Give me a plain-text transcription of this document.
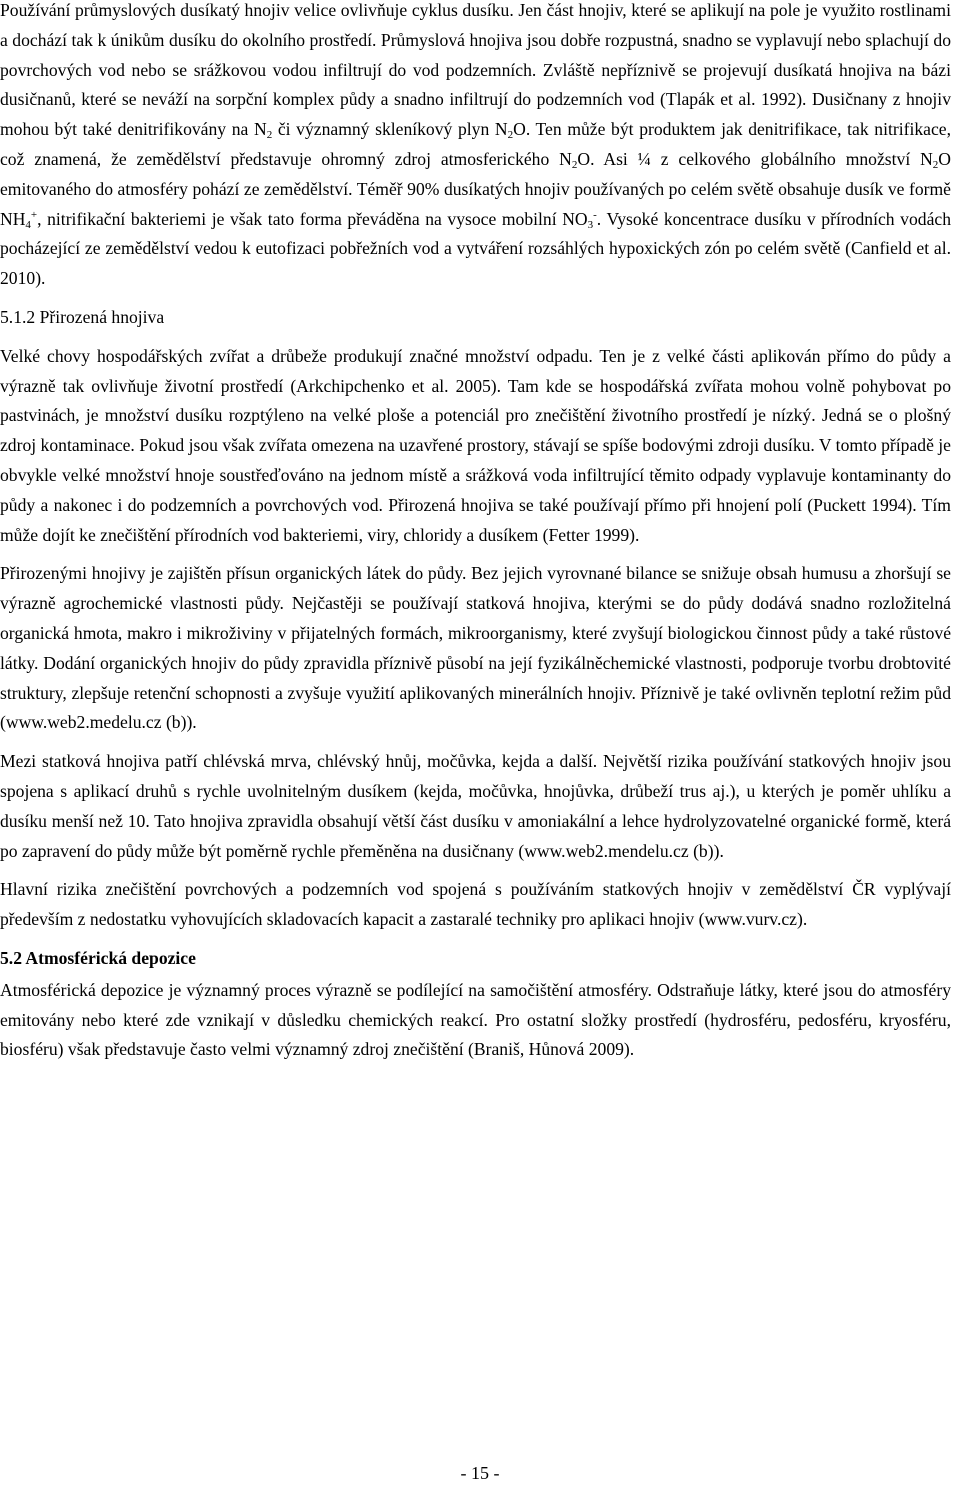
Používání průmyslových dusíkatý hnojiv velice ovlivňuje cyklus dusíku. Jen část hnojiv, které se aplikují na pole je využito rostlinami a dochází tak k únikům dusíku do okolního prostředí. Průmyslová hnojiva jsou dobře rozpustná, snadno se vyplavují nebo splachují do povrchových vod nebo se srážkovou vodou infiltrují do vod podzemních. Zvláště nepříznivě se projevují dusíkatá hnojiva na bázi dusičnanů, které se neváží na sorpční komplex půdy a snadno infiltrují do podzemních vod (Tlapák et al. 1992). Dusičnany z hnojiv mohou být také denitrifikovány na $N_2$ či významný skleníkový plyn $N_2O$. Ten může být produktem jak denitrifikace, tak nitrifikace, což znamená, že zemědělství představuje ohromný zdroj atmosferického $N_2O$. Asi ¼ z celkového globálního množství $N_2O$ emitovaného do atmosféry pohází ze zemědělství. Téměř 90% dusíkatých hnojiv používaných po celém světě obsahuje dusík ve formě $NH_4^+$, nitrifikační bakteriemi je však tato forma převáděna na vysoce mobilní $NO_3^-$. Vysoké koncentrace dusíku v přírodních vodách pocházející ze zemědělství vedou k eutofizaci pobřežních vod a vytváření rozsáhlých hypoxických zón po celém světě (Canfield et al. 2010).

5.1.2 Přirozená hnojiva

Velké chovy hospodářských zvířat a drůbeže produkují značné množství odpadu. Ten je z velké části aplikován přímo do půdy a výrazně tak ovlivňuje životní prostředí (Arkchipchenko et al. 2005). Tam kde se hospodářská zvířata mohou volně pohybovat po pastvinách, je množství dusíku rozptýleno na velké ploše a potenciál pro znečištění životního prostředí je nízký. Jedná se o plošný zdroj kontaminace. Pokud jsou však zvířata omezena na uzavřené prostory, stávají se spíše bodovými zdroji dusíku. V tomto případě je obvykle velké množství hnoje soustřeďováno na jednom místě a srážková voda infiltrující těmito odpady vyplavuje kontaminanty do půdy a nakonec i do podzemních a povrchových vod. Přirozená hnojiva se také používají přímo při hnojení polí (Puckett 1994). Tím může dojít ke znečištění přírodních vod bakteriemi, viry, chloridy a dusíkem (Fetter 1999).

Přirozenými hnojivy je zajištěn přísun organických látek do půdy. Bez jejich vyrovnané bilance se snižuje obsah humusu a zhoršují se výrazně agrochemické vlastnosti půdy. Nejčastěji se používají statková hnojiva, kterými se do půdy dodává snadno rozložitelná organická hmota, makro i mikroživiny v přijatelných formách, mikroorganismy, které zvyšují biologickou činnost půdy a také růstové látky. Dodání organických hnojiv do půdy zpravidla příznivě působí na její fyzikálněchemické vlastnosti, podporuje tvorbu drobtovité struktury, zlepšuje retenční schopnosti a zvyšuje využití aplikovaných minerálních hnojiv. Příznivě je také ovlivněn teplotní režim půd (www.web2.medelu.cz (b)).

Mezi statková hnojiva patří chlévská mrva, chlévský hnůj, močůvka, kejda a další. Největší rizika používání statkových hnojiv jsou spojena s aplikací druhů s rychle uvolnitelným dusíkem (kejda, močůvka, hnojůvka, drůbeží trus aj.), u kterých je poměr uhlíku a dusíku menší než 10. Tato hnojiva zpravidla obsahují větší část dusíku v amoniakální a lehce hydrolyzovatelné organické formě, která po zapravení do půdy může být poměrně rychle přeměněna na dusičnany (www.web2.mendelu.cz (b)).

Hlavní rizika znečištění povrchových a podzemních vod spojená s používáním statkových hnojiv v zemědělství ČR vyplývají především z nedostatku vyhovujících skladovacích kapacit a zastaralé techniky pro aplikaci hnojiv (www.vurv.cz).

5.2 Atmosférická depozice

Atmosférická depozice je významný proces výrazně se podílející na samočištění atmosféry. Odstraňuje látky, které jsou do atmosféry emitovány nebo které zde vznikají v důsledku chemických reakcí. Pro ostatní složky prostředí (hydrosféru, pedosféru, kryosféru, biosféru) však představuje často velmi významný zdroj znečištění (Braniš, Hůnová 2009).

- 15 -
